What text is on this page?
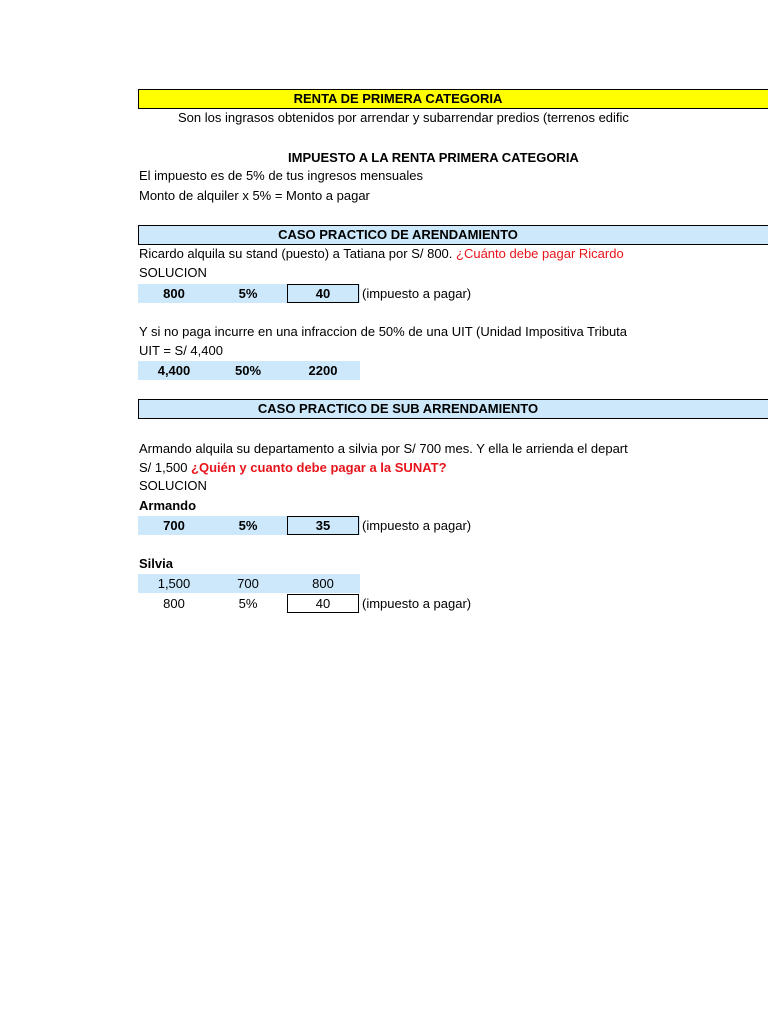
RENTA DE PRIMERA CATEGORIA
Son los ingrasos obtenidos por arrendar y subarrendar predios (terrenos edific
IMPUESTO A LA RENTA PRIMERA CATEGORIA
El impuesto es de 5% de tus ingresos mensuales
Monto de alquiler x 5% = Monto a pagar
CASO PRACTICO DE ARENDAMIENTO
Ricardo alquila su stand (puesto) a Tatiana por S/ 800. ¿Cuánto debe pagar Ricardo
SOLUCION
800	5%	40	(impuesto a pagar)
Y si no paga incurre en una infraccion de 50% de una UIT (Unidad Impositiva Tributa
UIT = S/ 4,400
4,400	50%	2200
CASO PRACTICO DE SUB ARRENDAMIENTO
Armando alquila su departamento a silvia por S/ 700 mes. Y ella le arrienda el depart
S/ 1,500 ¿Quién y cuanto debe pagar a la SUNAT?
SOLUCION
Armando
700	5%	35	(impuesto a pagar)
Silvia
1,500	700	800
800	5%	40	(impuesto a pagar)
